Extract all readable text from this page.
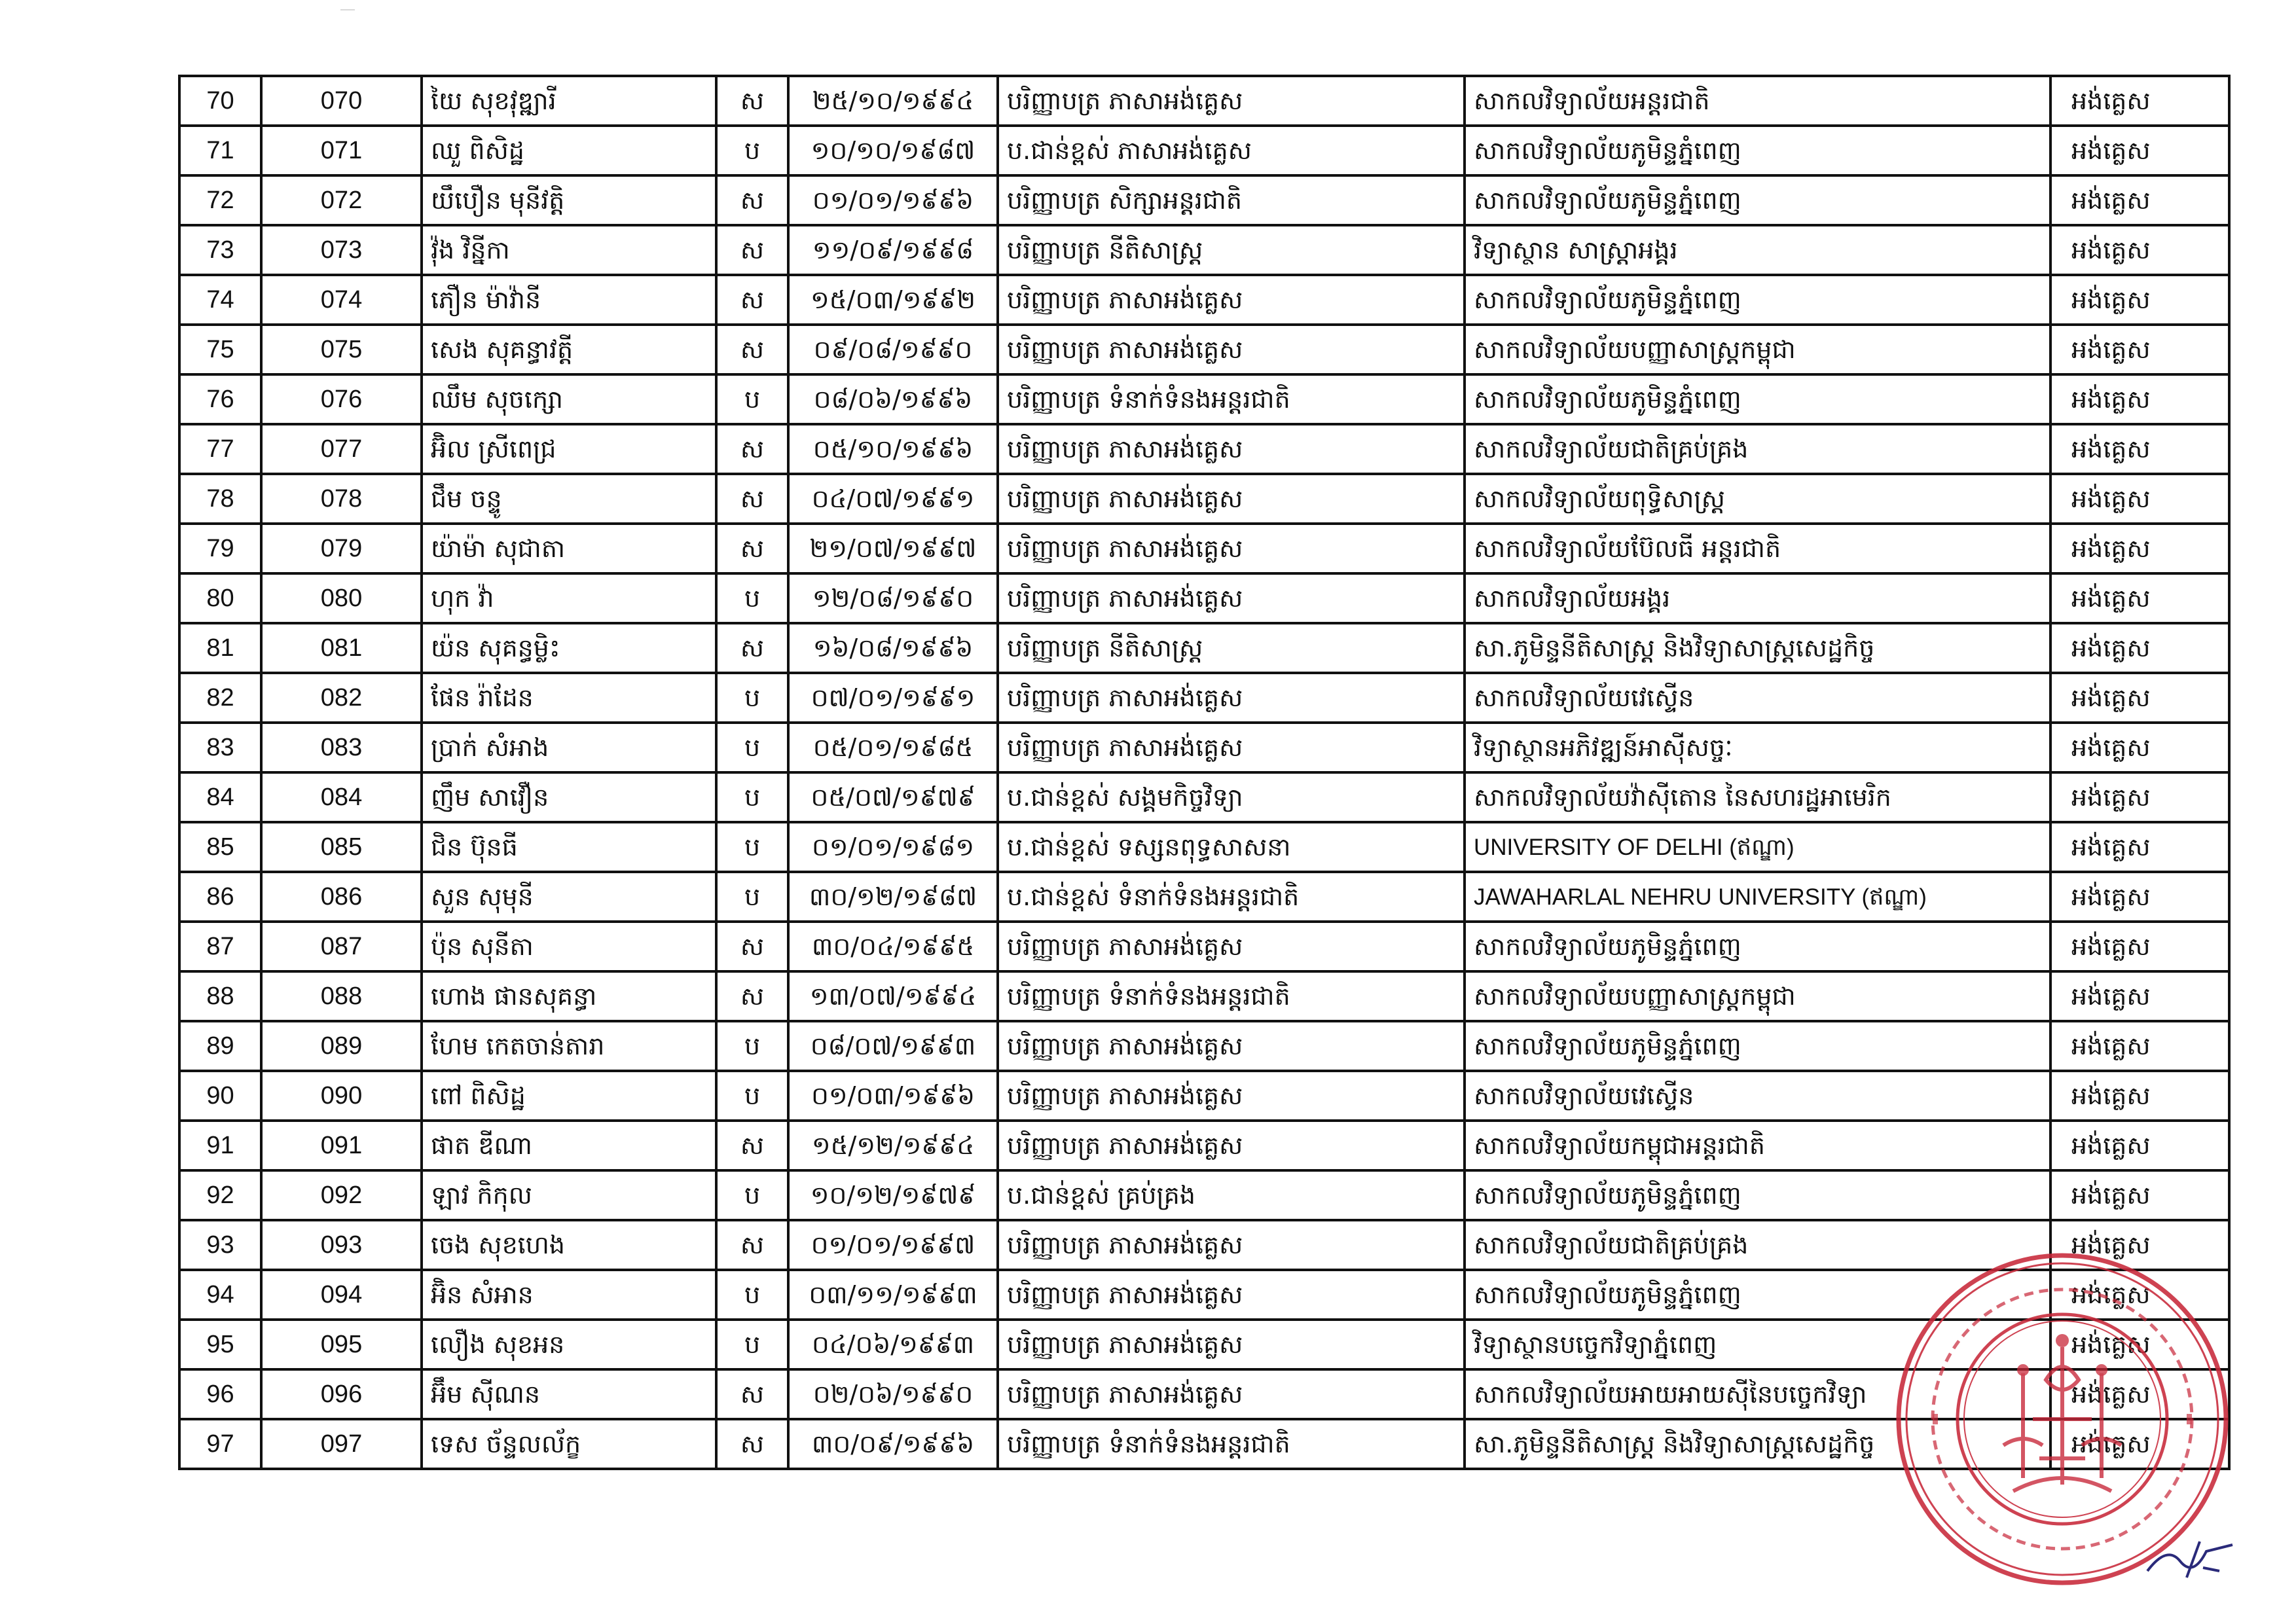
70	070	យៃ សុខវុឌ្ឍារី	ស	២៥/១០/១៩៩៤	បរិញ្ញាបត្រ ភាសាអង់គ្លេស	សាកលវិទ្យាល័យអន្តរជាតិ	អង់គ្លេស
71	071	ឈួ ពិសិដ្ឋ	ប	១០/១០/១៩៨៧	ប.ជាន់ខ្ពស់ ភាសាអង់គ្លេស	សាកលវិទ្យាល័យភូមិន្ទភ្នំពេញ	អង់គ្លេស
72	072	យឹបឿន មុនីវត្តិ	ស	០១/០១/១៩៩៦	បរិញ្ញាបត្រ សិក្សាអន្តរជាតិ	សាកលវិទ្យាល័យភូមិន្ទភ្នំពេញ	អង់គ្លេស
73	073	វ៉ុង វិន្នីកា	ស	១១/០៩/១៩៩៨	បរិញ្ញាបត្រ នីតិសាស្ត្រ	វិទ្យាស្ថាន សាស្ត្រាអង្គរ	អង់គ្លេស
74	074	ភឿន ម៉ាវ៉ានី	ស	១៥/០៣/១៩៩២	បរិញ្ញាបត្រ ភាសាអង់គ្លេស	សាកលវិទ្យាល័យភូមិន្ទភ្នំពេញ	អង់គ្លេស
75	075	សេង សុគន្ធាវត្តី	ស	០៩/០៨/១៩៩០	បរិញ្ញាបត្រ ភាសាអង់គ្លេស	សាកលវិទ្យាល័យបញ្ញាសាស្ត្រកម្ពុជា	អង់គ្លេស
76	076	ឈឹម សុចក្សោ	ប	០៨/០៦/១៩៩៦	បរិញ្ញាបត្រ ទំនាក់ទំនងអន្តរជាតិ	សាកលវិទ្យាល័យភូមិន្ទភ្នំពេញ	អង់គ្លេស
77	077	អ៊ិល ស្រីពេជ្រ	ស	០៥/១០/១៩៩៦	បរិញ្ញាបត្រ ភាសាអង់គ្លេស	សាកលវិទ្យាល័យជាតិគ្រប់គ្រង	អង់គ្លេស
78	078	ជឹម ចន្ទូ	ស	០៤/០៧/១៩៩១	បរិញ្ញាបត្រ ភាសាអង់គ្លេស	សាកលវិទ្យាល័យពុទ្ធិសាស្ត្រ	អង់គ្លេស
79	079	យ៉ាម៉ា សុជាតា	ស	២១/០៧/១៩៩៧	បរិញ្ញាបត្រ ភាសាអង់គ្លេស	សាកលវិទ្យាល័យប៊ែលធី អន្តរជាតិ	អង់គ្លេស
80	080	ហុក វ៉ា	ប	១២/០៨/១៩៩០	បរិញ្ញាបត្រ ភាសាអង់គ្លេស	សាកលវិទ្យាល័យអង្គរ	អង់គ្លេស
81	081	យ៉ន សុគន្ធម្លិះ	ស	១៦/០៨/១៩៩៦	បរិញ្ញាបត្រ នីតិសាស្ត្រ	សា.ភូមិន្ទនីតិសាស្ត្រ និងវិទ្យាសាស្ត្រសេដ្ឋកិច្ច	អង់គ្លេស
82	082	ផែន រ៉ាដែន	ប	០៧/០១/១៩៩១	បរិញ្ញាបត្រ ភាសាអង់គ្លេស	សាកលវិទ្យាល័យវេស្ទើន	អង់គ្លេស
83	083	ប្រាក់ សំអាង	ប	០៥/០១/១៩៨៥	បរិញ្ញាបត្រ ភាសាអង់គ្លេស	វិទ្យាស្ថានអភិវឌ្ឍន៍អាស៊ីសច្ចៈ	អង់គ្លេស
84	084	ញឹម សាវឿន	ប	០៥/០៧/១៩៧៩	ប.ជាន់ខ្ពស់ សង្គមកិច្ចវិទ្យា	សាកលវិទ្យាល័យវ៉ាស៊ីតោន នៃសហរដ្ឋអាមេរិក	អង់គ្លេស
85	085	ជិន ប៊ុនធី	ប	០១/០១/១៩៨១	ប.ជាន់ខ្ពស់ ទស្សនពុទ្ធសាសនា	UNIVERSITY OF DELHI (ឥណ្ឌា)	អង់គ្លេស
86	086	សួន សុមុនី	ប	៣០/១២/១៩៨៧	ប.ជាន់ខ្ពស់ ទំនាក់ទំនងអន្តរជាតិ	JAWAHARLAL NEHRU UNIVERSITY (ឥណ្ឌា)	អង់គ្លេស
87	087	ប៉ុន សុនីតា	ស	៣០/០៤/១៩៩៥	បរិញ្ញាបត្រ ភាសាអង់គ្លេស	សាកលវិទ្យាល័យភូមិន្ទភ្នំពេញ	អង់គ្លេស
88	088	ហោង ផានសុគន្ធា	ស	១៣/០៧/១៩៩៤	បរិញ្ញាបត្រ ទំនាក់ទំនងអន្តរជាតិ	សាកលវិទ្យាល័យបញ្ញាសាស្ត្រកម្ពុជា	អង់គ្លេស
89	089	ហែម កេតចាន់តារា	ប	០៨/០៧/១៩៩៣	បរិញ្ញាបត្រ ភាសាអង់គ្លេស	សាកលវិទ្យាល័យភូមិន្ទភ្នំពេញ	អង់គ្លេស
90	090	ពៅ ពិសិដ្ឋ	ប	០១/០៣/១៩៩៦	បរិញ្ញាបត្រ ភាសាអង់គ្លេស	សាកលវិទ្យាល័យវេស្ទើន	អង់គ្លេស
91	091	ផាត ឌីណា	ស	១៥/១២/១៩៩៤	បរិញ្ញាបត្រ ភាសាអង់គ្លេស	សាកលវិទ្យាល័យកម្ពុជាអន្តរជាតិ	អង់គ្លេស
92	092	ឡាវ កិកុល	ប	១០/១២/១៩៧៩	ប.ជាន់ខ្ពស់ គ្រប់គ្រង	សាកលវិទ្យាល័យភូមិន្ទភ្នំពេញ	អង់គ្លេស
93	093	ចេង សុខហេង	ស	០១/០១/១៩៩៧	បរិញ្ញាបត្រ ភាសាអង់គ្លេស	សាកលវិទ្យាល័យជាតិគ្រប់គ្រង	អង់គ្លេស
94	094	អ៊ិន សំអាន	ប	០៣/១១/១៩៩៣	បរិញ្ញាបត្រ ភាសាអង់គ្លេស	សាកលវិទ្យាល័យភូមិន្ទភ្នំពេញ	អង់គ្លេស
95	095	លឿង សុខអន	ប	០៤/០៦/១៩៩៣	បរិញ្ញាបត្រ ភាសាអង់គ្លេស	វិទ្យាស្ថានបច្ចេកវិទ្យាភ្នំពេញ	អង់គ្លេស
96	096	អ៊ឹម ស៊ីណន	ស	០២/០៦/១៩៩០	បរិញ្ញាបត្រ ភាសាអង់គ្លេស	សាកលវិទ្យាល័យអាយអាយស៊ីនៃបច្ចេកវិទ្យា	អង់គ្លេស
97	097	ទេស ច័ន្ទលល័ក្ខ	ស	៣០/០៩/១៩៩៦	បរិញ្ញាបត្រ ទំនាក់ទំនងអន្តរជាតិ	សា.ភូមិន្ទនីតិសាស្ត្រ និងវិទ្យាសាស្ត្រសេដ្ឋកិច្ច	អង់គ្លេស
